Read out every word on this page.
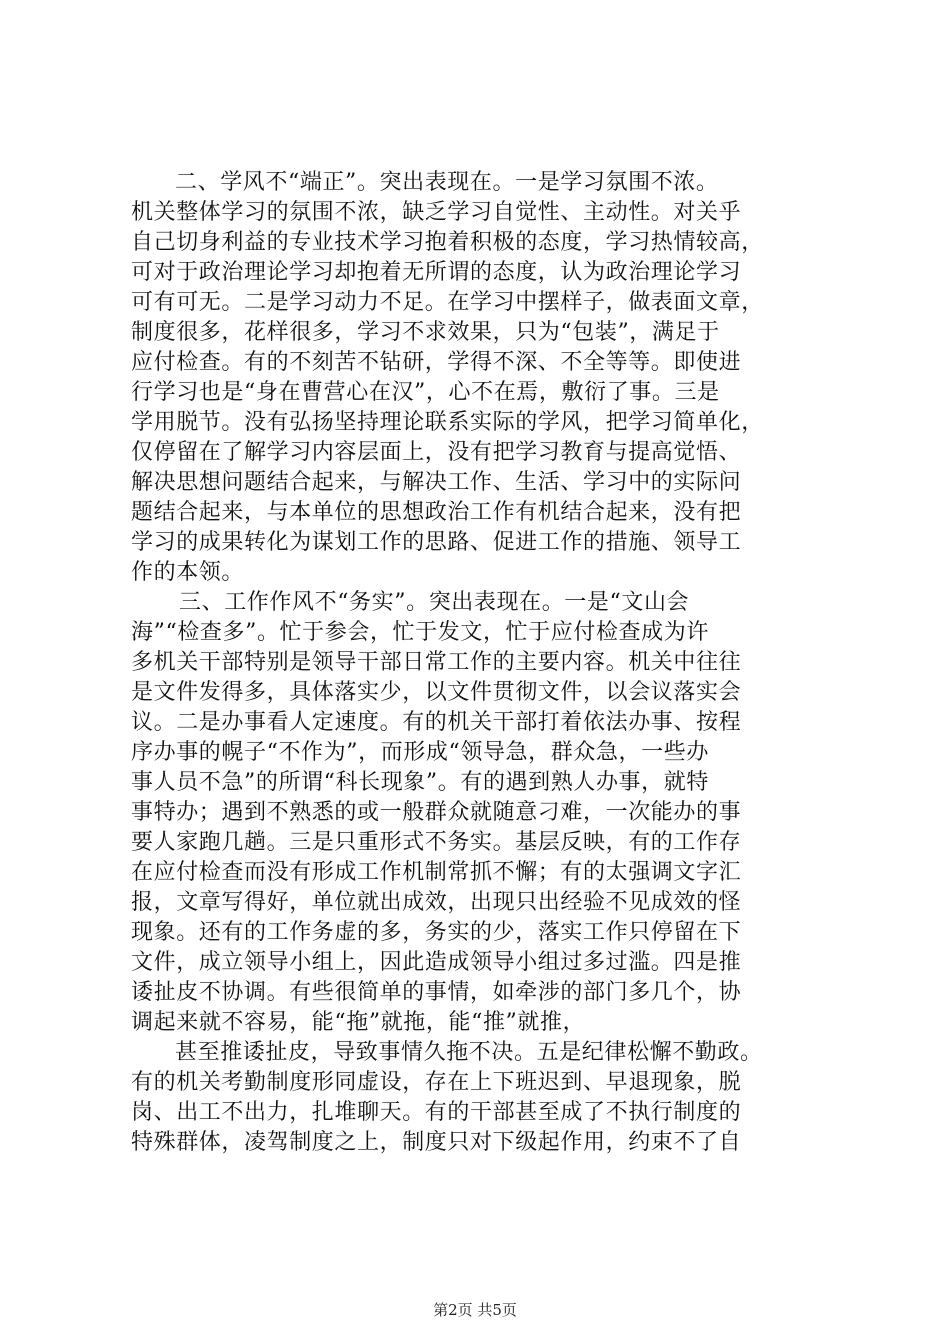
二、学风不“端正”。突出表现在。一是学习氛围不浓。
机关整体学习的氛围不浓，缺乏学习自觉性、主动性。对关乎
自己切身利益的专业技术学习抱着积极的态度，学习热情较高，
可对于政治理论学习却抱着无所谓的态度，认为政治理论学习
可有可无。二是学习动力不足。在学习中摆样子，做表面文章，
制度很多，花样很多，学习不求效果，只为“包装”，满足于
应付检查。有的不刻苦不钻研，学得不深、不全等等。即使进
行学习也是“身在曹营心在汉”，心不在焉，敷衍了事。三是
学用脱节。没有弘扬坚持理论联系实际的学风，把学习简单化，
仅停留在了解学习内容层面上，没有把学习教育与提高觉悟、
解决思想问题结合起来，与解决工作、生活、学习中的实际问
题结合起来，与本单位的思想政治工作有机结合起来，没有把
学习的成果转化为谋划工作的思路、促进工作的措施、领导工
作的本领。
三、工作作风不“务实”。突出表现在。一是“文山会
海”“检查多”。忙于参会，忙于发文，忙于应付检查成为许
多机关干部特别是领导干部日常工作的主要内容。机关中往往
是文件发得多，具体落实少，以文件贯彻文件，以会议落实会
议。二是办事看人定速度。有的机关干部打着依法办事、按程
序办事的幌子“不作为”，而形成“领导急，群众急，一些办
事人员不急”的所谓“科长现象”。有的遇到熟人办事，就特
事特办；遇到不熟悉的或一般群众就随意刁难，一次能办的事
要人家跑几趟。三是只重形式不务实。基层反映，有的工作存
在应付检查而没有形成工作机制常抓不懈；有的太强调文字汇
报，文章写得好，单位就出成效，出现只出经验不见成效的怪
现象。还有的工作务虚的多，务实的少，落实工作只停留在下
文件，成立领导小组上，因此造成领导小组过多过滥。四是推
诿扯皮不协调。有些很简单的事情，如牵涉的部门多几个，协
调起来就不容易，能“拖”就拖，能“推”就推，
甚至推诿扯皮，导致事情久拖不决。五是纪律松懈不勤政。
有的机关考勤制度形同虚设，存在上下班迟到、早退现象，脱
岗、出工不出力，扎堆聊天。有的干部甚至成了不执行制度的
特殊群体，凌驾制度之上，制度只对下级起作用，约束不了自
第2页 共5页
